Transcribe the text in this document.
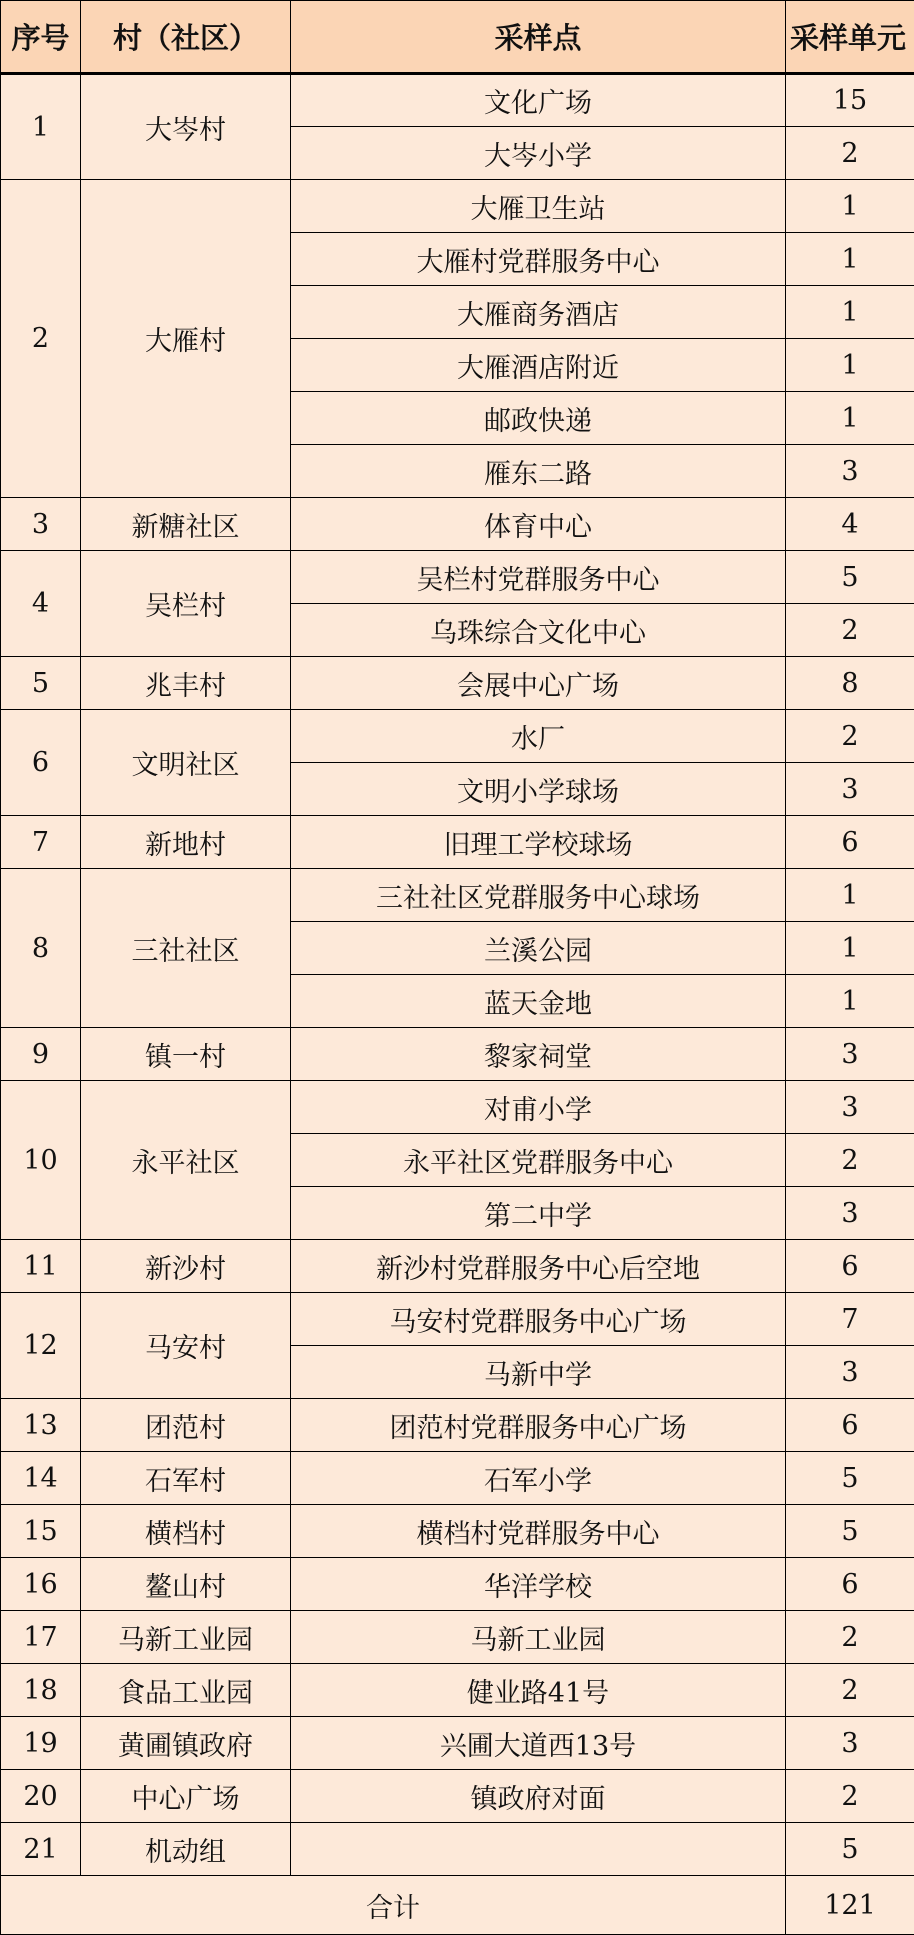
序号	村（社区）	采样点	采样单元
1	大岑村	文化广场	15
		大岑小学	2
2	大雁村	大雁卫生站	1
		大雁村党群服务中心	1
		大雁商务酒店	1
		大雁酒店附近	1
		邮政快递	1
		雁东二路	3
3	新糖社区	体育中心	4
4	吴栏村	吴栏村党群服务中心	5
		乌珠综合文化中心	2
5	兆丰村	会展中心广场	8
6	文明社区	水厂	2
		文明小学球场	3
7	新地村	旧理工学校球场	6
8	三社社区	三社社区党群服务中心球场	1
		兰溪公园	1
		蓝天金地	1
9	镇一村	黎家祠堂	3
10	永平社区	对甫小学	3
		永平社区党群服务中心	2
		第二中学	3
11	新沙村	新沙村党群服务中心后空地	6
12	马安村	马安村党群服务中心广场	7
		马新中学	3
13	团范村	团范村党群服务中心广场	6
14	石军村	石军小学	5
15	横档村	横档村党群服务中心	5
16	鳌山村	华洋学校	6
17	马新工业园	马新工业园	2
18	食品工业园	健业路41号	2
19	黄圃镇政府	兴圃大道西13号	3
20	中心广场	镇政府对面	2
21	机动组		5
合计			121
